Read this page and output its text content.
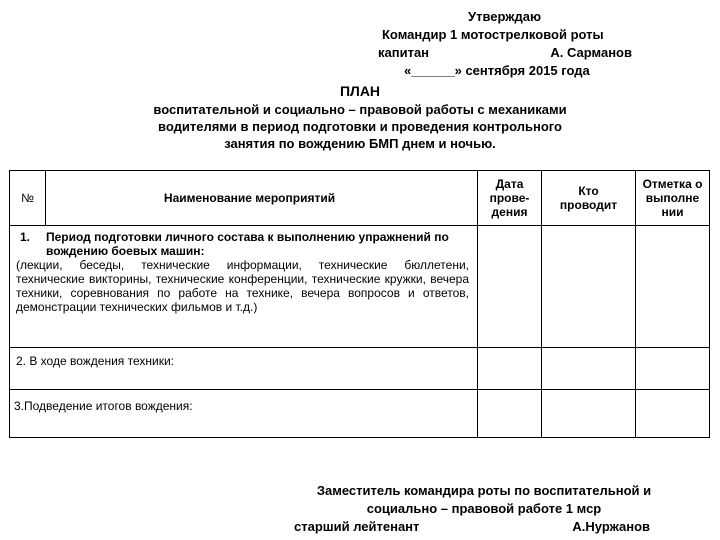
Утверждаю
Командир 1 мотострелковой роты
капитан	А. Сарманов
«______» сентября 2015 года
ПЛАН
воспитательной и социально – правовой работы с механиками
водителями в период подготовки и проведения контрольного
занятия по вождению БМП днем и ночью.
№	Наименование мероприятий	Дата прове- дения	Кто проводит	Отметка о выполне нии

1. Период подготовки личного состава к выполнению упражнений по вождению боевых машин:
(лекции, беседы, технические информации, технические бюллетени, технические викторины, технические конференции, технические кружки, вечера техники, соревнования по работе на технике, вечера вопросов и ответов, демонстрации технических фильмов и т.д.)				

2. В ходе вождения техники:				
3.Подведение итогов вождения:				
Заместитель командира роты по воспитательной и
социально – правовой работе 1 мср
старший лейтенант	А.Нуржанов
